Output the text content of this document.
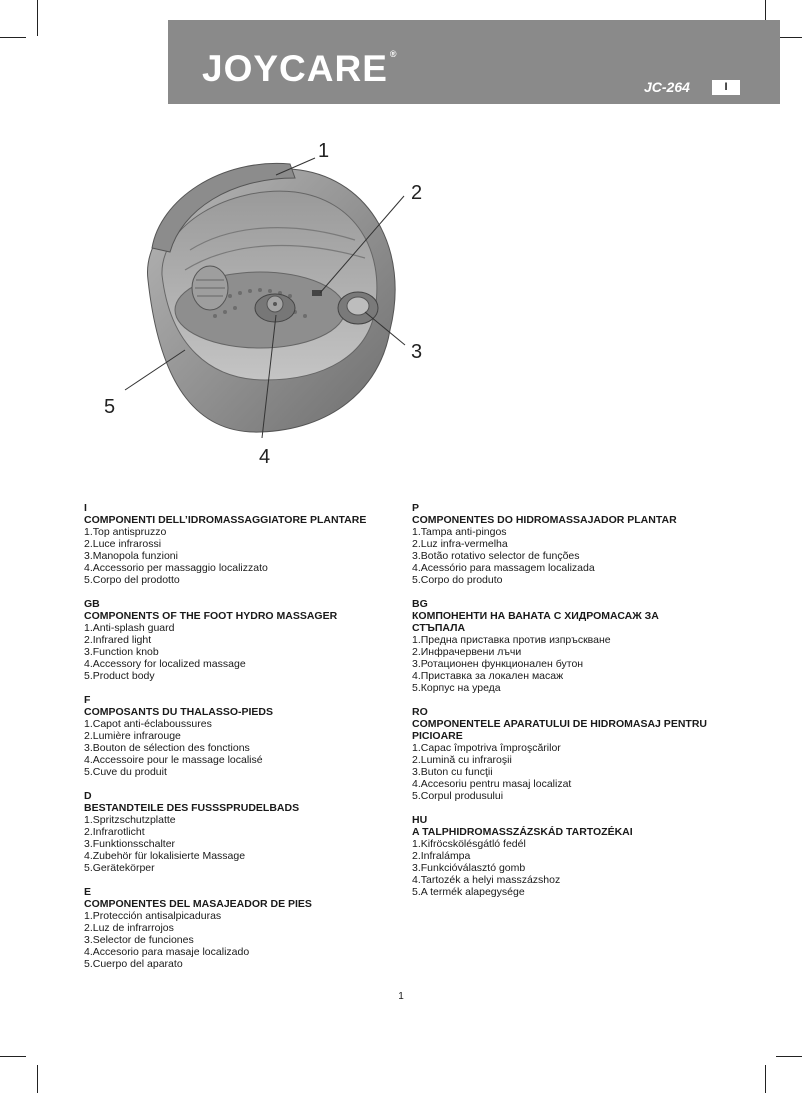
JOYCARE ®
JC-264	I
1
2
3
4
5
I
COMPONENTI DELL’IDROMASSAGGIATORE PLANTARE
1.Top antispruzzo
2.Luce infrarossi
3.Manopola funzioni
4.Accessorio per massaggio localizzato
5.Corpo del prodotto
GB
COMPONENTS OF THE FOOT HYDRO MASSAGER
1.Anti-splash guard
2.Infrared light
3.Function knob
4.Accessory for localized massage
5.Product body
F
COMPOSANTS DU THALASSO-PIEDS
1.Capot anti-éclaboussures
2.Lumière infrarouge
3.Bouton de sélection des fonctions
4.Accessoire pour le massage localisé
5.Cuve du produit
D
BESTANDTEILE DES FUSSSPRUDELBADS
1.Spritzschutzplatte
2.Infrarotlicht
3.Funktionsschalter
4.Zubehör für lokalisierte Massage
5.Gerätekörper
E
COMPONENTES DEL MASAJEADOR DE PIES
1.Protección antisalpicaduras
2.Luz de infrarrojos
3.Selector de funciones
4.Accesorio para masaje localizado
5.Cuerpo del aparato
P
COMPONENTES DO HIDROMASSAJADOR PLANTAR
1.Tampa anti-pingos
2.Luz infra-vermelha
3.Botão rotativo selector de funções
4.Acessório para massagem localizada
5.Corpo do produto
BG
КОМПОНЕНТИ НА ВАНАТА С ХИДРОМАСАЖ ЗА СТЪПАЛА
1.Предна приставка против изпръскване
2.Инфрачервени лъчи
3.Ротационен функционален бутон
4.Приставка за локален масаж
5.Корпус на уреда
RO
COMPONENTELE APARATULUI DE HIDROMASAJ PENTRU PICIOARE
1.Capac împotriva împroşcărilor
2.Lumină cu infraroşii
3.Buton cu funcţii
4.Accesoriu pentru masaj localizat
5.Corpul produsului
HU
A TALPHIDROMASSZÁZSKÁD TARTOZÉKAI
1.Kifröcskölésgátló fedél
2.Infralámpa
3.Funkcióválasztó gomb
4.Tartozék a helyi masszázshoz
5.A termék alapegysége
1
